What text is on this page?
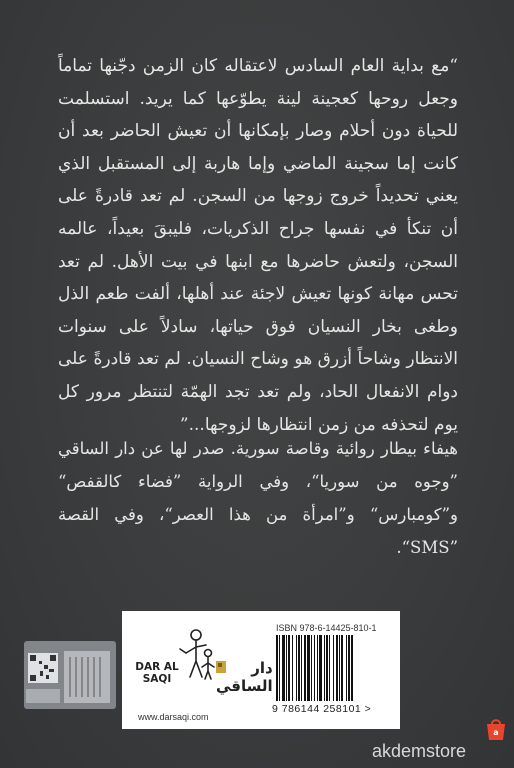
“مع بداية العام السادس لاعتقاله كان الزمن دجّنها تماماً وجعل روحها كعجينة لينة يطوّعها كما يريد. استسلمت للحياة دون أحلام وصار بإمكانها أن تعيش الحاضر بعد أن كانت إما سجينة الماضي وإما هاربة إلى المستقبل الذي يعني تحديداً خروج زوجها من السجن. لم تعد قادرةً على أن تنكأ في نفسها جراح الذكريات، فليبقَ بعيداً، عالمه السجن، ولتعش حاضرها مع ابنها في بيت الأهل. لم تعد تحس مهانة كونها تعيش لاجئة عند أهلها، ألفت طعم الذل وطغى بخار النسيان فوق حياتها، سادلاً على سنوات الانتظار وشاحاً أزرق هو وشاح النسيان. لم تعد قادرةً على دوام الانفعال الحاد، ولم تعد تجد الهمّة لتنتظر مرور كل يوم لتحذفه من زمن انتظارها لزوجها...”

هيفاء بيطار روائية وقاصة سورية. صدر لها عن دار الساقي ”وجوه من سوريا“، وفي الرواية ”فضاء كالقفص“ و”كومبارس“ و”امرأة من هذا العصر“، وفي القصة ”SMS“.

DAR AL SAQI
دار الساقي
www.darsaqi.com
ISBN 978-6-14425-810-1
9 786144 258101 >
a
akdemstore
